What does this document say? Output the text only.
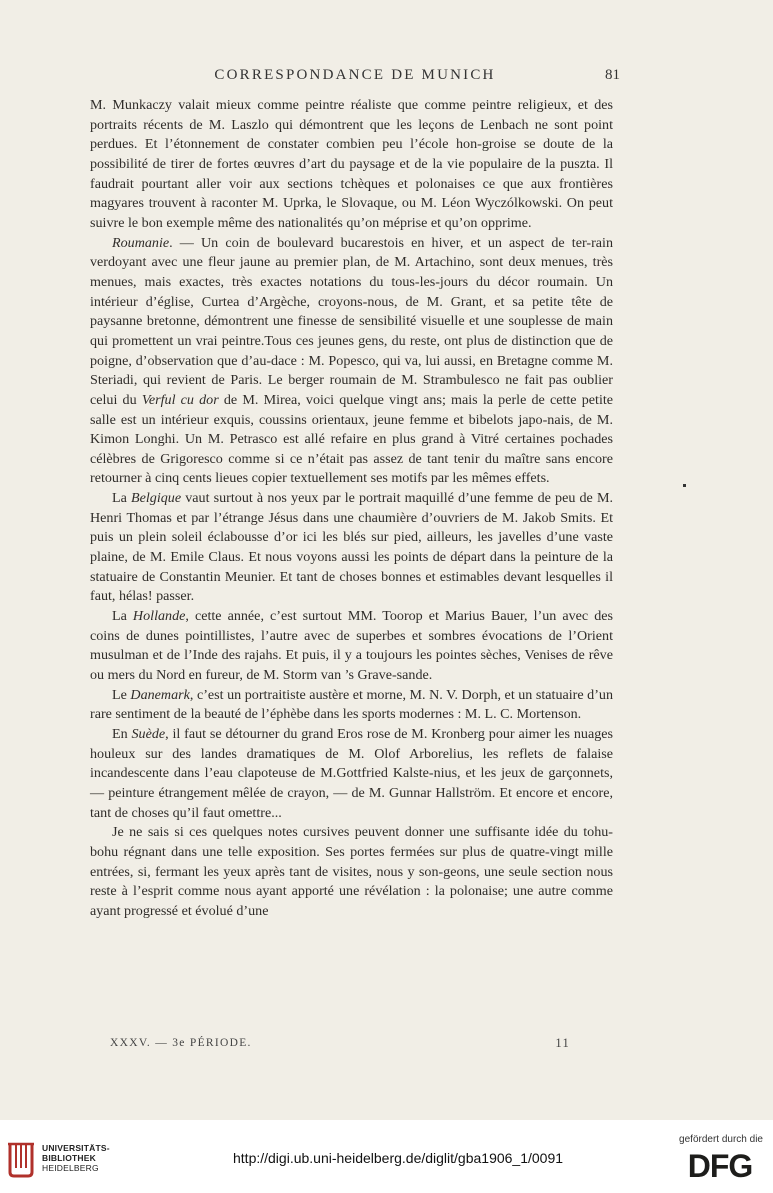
CORRESPONDANCE DE MUNICH	81

M. Munkaczy valait mieux comme peintre réaliste que comme peintre religieux, et des portraits récents de M. Laszlo qui démontrent que les leçons de Lenbach ne sont point perdues. Et l’étonnement de constater combien peu l’école hon-groise se doute de la possibilité de tirer de fortes œuvres d’art du paysage et de la vie populaire de la puszta. Il faudrait pourtant aller voir aux sections tchèques et polonaises ce que aux frontières magyares trouvent à raconter M. Uprka, le Slovaque, ou M. Léon Wyczólkowski. On peut suivre le bon exemple même des nationalités qu’on méprise et qu’on opprime.

Roumanie. — Un coin de boulevard bucarestois en hiver, et un aspect de ter-rain verdoyant avec une fleur jaune au premier plan, de M. Artachino, sont deux menues, très menues, mais exactes, très exactes notations du tous-les-jours du décor roumain. Un intérieur d’église, Curtea d’Argèche, croyons-nous, de M. Grant, et sa petite tête de paysanne bretonne, démontrent une finesse de sensibilité visuelle et une souplesse de main qui promettent un vrai peintre.Tous ces jeunes gens, du reste, ont plus de distinction que de poigne, d’observation que d’au-dace : M. Popesco, qui va, lui aussi, en Bretagne comme M. Steriadi, qui revient de Paris. Le berger roumain de M. Strambulesco ne fait pas oublier celui du Verful cu dor de M. Mirea, voici quelque vingt ans; mais la perle de cette petite salle est un intérieur exquis, coussins orientaux, jeune femme et bibelots japo-nais, de M. Kimon Longhi. Un M. Petrasco est allé refaire en plus grand à Vitré certaines pochades célèbres de Grigoresco comme si ce n’était pas assez de tant tenir du maître sans encore retourner à cinq cents lieues copier textuellement ses motifs par les mêmes effets.

La Belgique vaut surtout à nos yeux par le portrait maquillé d’une femme de peu de M. Henri Thomas et par l’étrange Jésus dans une chaumière d’ouvriers de M. Jakob Smits. Et puis un plein soleil éclabousse d’or ici les blés sur pied, ailleurs, les javelles d’une vaste plaine, de M. Emile Claus. Et nous voyons aussi les points de départ dans la peinture de la statuaire de Constantin Meunier. Et tant de choses bonnes et estimables devant lesquelles il faut, hélas! passer.

La Hollande, cette année, c’est surtout MM. Toorop et Marius Bauer, l’un avec des coins de dunes pointillistes, l’autre avec de superbes et sombres évocations de l’Orient musulman et de l’Inde des rajahs. Et puis, il y a toujours les pointes sèches, Venises de rêve ou mers du Nord en fureur, de M. Storm van ’s Grave-sande.

Le Danemark, c’est un portraitiste austère et morne, M. N. V. Dorph, et un statuaire d’un rare sentiment de la beauté de l’éphèbe dans les sports modernes : M. L. C. Mortenson.

En Suède, il faut se détourner du grand Eros rose de M. Kronberg pour aimer les nuages houleux sur des landes dramatiques de M. Olof Arborelius, les reflets de falaise incandescente dans l’eau clapoteuse de M.Gottfried Kalste-nius, et les jeux de garçonnets, — peinture étrangement mêlée de crayon, — de M. Gunnar Hallström. Et encore et encore, tant de choses qu’il faut omettre...

Je ne sais si ces quelques notes cursives peuvent donner une suffisante idée du tohu-bohu régnant dans une telle exposition. Ses portes fermées sur plus de quatre-vingt mille entrées, si, fermant les yeux après tant de visites, nous y son-geons, une seule section nous reste à l’esprit comme nous ayant apporté une révélation : la polonaise; une autre comme ayant progressé et évolué d’une

XXXV. — 3e PÉRIODE.	11
UNIVERSITÄTS-
BIBLIOTHEK
HEIDELBERG
http://digi.ub.uni-heidelberg.de/diglit/gba1906_1/0091
gefördert durch die
DFG
